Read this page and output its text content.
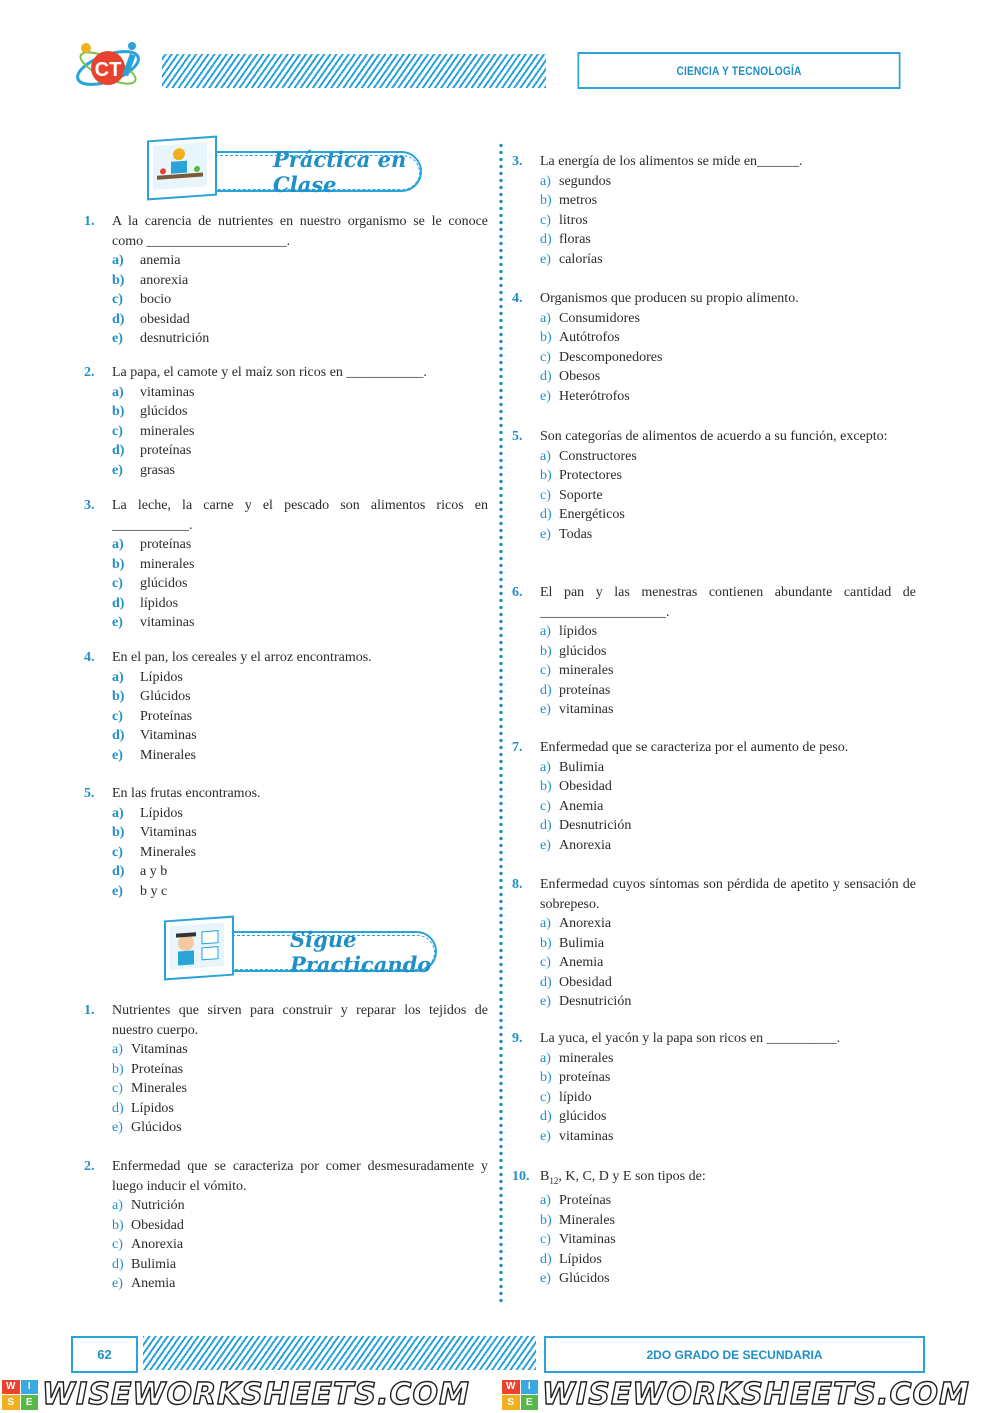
CT	CIENCIA Y TECNOLOGÍA
Práctica en Clase
1. A la carencia de nutrientes en nuestro organismo se le conoce como ____________________.
a)	anemia
b)	anorexia
c)	bocio
d)	obesidad
e)	desnutrición
2. La papa, el camote y el maíz son ricos en ___________.
a)	vitaminas
b)	glúcidos
c)	minerales
d)	proteínas
e)	grasas
3. La leche, la carne y el pescado son alimentos ricos en ___________.
a)	proteínas
b)	minerales
c)	glúcidos
d)	lípidos
e)	vitaminas
4. En el pan, los cereales y el arroz encontramos.
a)	Lípidos
b)	Glúcidos
c)	Proteínas
d)	Vitaminas
e)	Minerales
5. En las frutas encontramos.
a)	Lípidos
b)	Vitaminas
c)	Minerales
d)	a y b
e)	b y c
Sigue Practicando
1. Nutrientes que sirven para construir y reparar los tejidos de nuestro cuerpo.
a) Vitaminas
b) Proteínas
c) Minerales
d) Lípidos
e) Glúcidos
2. Enfermedad que se caracteriza por comer desmesuradamente y luego inducir el vómito.
a) Nutrición
b) Obesidad
c) Anorexia
d) Bulimia
e) Anemia
3. La energía de los alimentos se mide en______.
a) segundos
b) metros
c) litros
d) floras
e) calorías
4. Organismos que producen su propio alimento.
a) Consumidores
b) Autótrofos
c) Descomponedores
d) Obesos
e) Heterótrofos
5. Son categorías de alimentos de acuerdo a su función, excepto:
a) Constructores
b) Protectores
c) Soporte
d) Energéticos
e) Todas
6. El pan y las menestras contienen abundante cantidad de __________________.
a) lípidos
b) glúcidos
c) minerales
d) proteínas
e) vitaminas
7. Enfermedad que se caracteriza por el aumento de peso.
a) Bulimia
b) Obesidad
c) Anemia
d) Desnutrición
e) Anorexia
8. Enfermedad cuyos síntomas son pérdida de apetito y sensación de sobrepeso.
a) Anorexia
b) Bulimia
c) Anemia
d) Obesidad
e) Desnutrición
9. La yuca, el yacón y la papa son ricos en __________.
a) minerales
b) proteínas
c) lípido
d) glúcidos
e) vitaminas
10. $B_{12}$, K, C, D y E son tipos de:
a) Proteínas
b) Minerales
c) Vitaminas
d) Lípidos
e) Glúcidos
62	2DO GRADO DE SECUNDARIA
W	I
S	E WISEWORKSHEETS.COM	W	I
S	E WISEWORKSHEETS.COM
